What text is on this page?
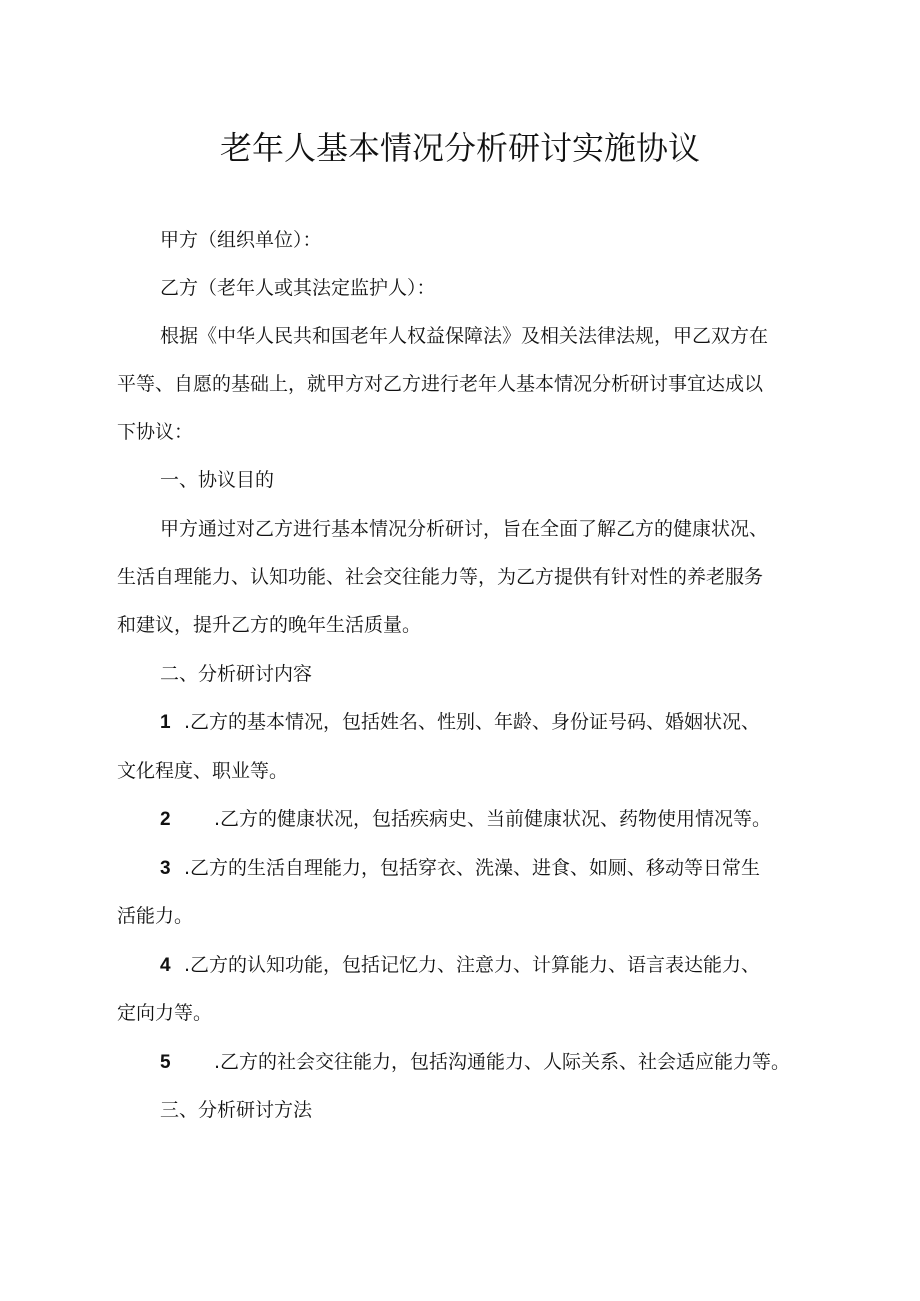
老年人基本情况分析研讨实施协议

甲方（组织单位）：

乙方（老年人或其法定监护人）：

根据《中华人民共和国老年人权益保障法》及相关法律法规，甲乙双方在

平等、自愿的基础上，就甲方对乙方进行老年人基本情况分析研讨事宜达成以

下协议：

一、协议目的

甲方通过对乙方进行基本情况分析研讨，旨在全面了解乙方的健康状况、

生活自理能力、认知功能、社会交往能力等，为乙方提供有针对性的养老服务

和建议，提升乙方的晚年生活质量。

二、分析研讨内容

1 .乙方的基本情况，包括姓名、性别、年龄、身份证号码、婚姻状况、

文化程度、职业等。

2 .乙方的健康状况，包括疾病史、当前健康状况、药物使用情况等。

3 .乙方的生活自理能力，包括穿衣、洗澡、进食、如厕、移动等日常生

活能力。

4 .乙方的认知功能，包括记忆力、注意力、计算能力、语言表达能力、

定向力等。

5 .乙方的社会交往能力，包括沟通能力、人际关系、社会适应能力等。

三、分析研讨方法
